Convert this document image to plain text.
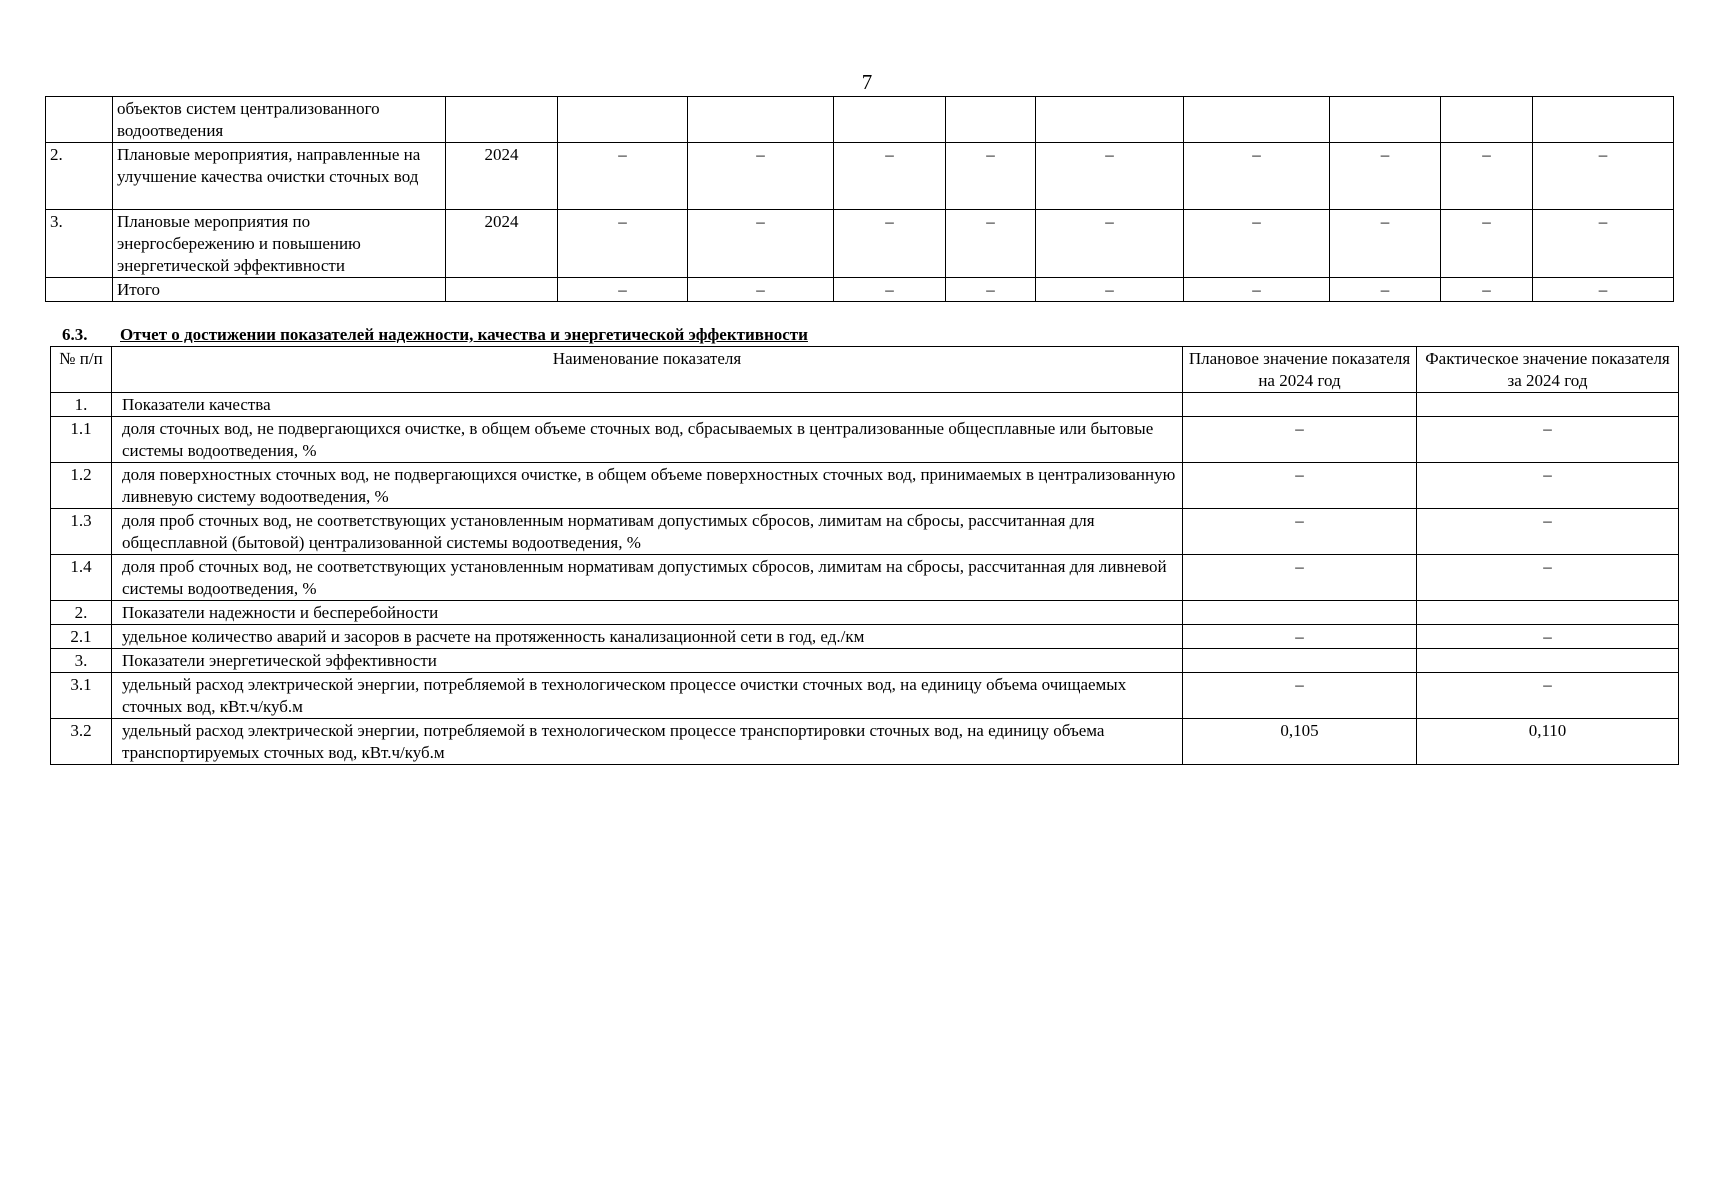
7
	объектов систем централизованного водоотведения											
2.	Плановые мероприятия, направленные на улучшение качества очистки сточных вод	2024	–	–	–	–	–	–	–	–	–	
3.	Плановые мероприятия по энергосбережению и повышению энергетической эффективности	2024	–	–	–	–	–	–	–	–	–	
	Итого		–	–	–	–	–	–	–	–	–	
6.3. Отчет о достижении показателей надежности, качества и энергетической эффективности
№ п/п	Наименование показателя	Плановое значение показателя на 2024 год	Фактическое значение показателя за 2024 год
1.	Показатели качества		
1.1	доля сточных вод, не подвергающихся очистке, в общем объеме сточных вод, сбрасываемых в централизованные общесплавные или бытовые системы водоотведения, %	–	–
1.2	доля поверхностных сточных вод, не подвергающихся очистке, в общем объеме поверхностных сточных вод, принимаемых в централизованную ливневую систему водоотведения, %	–	–
1.3	доля проб сточных вод, не соответствующих установленным нормативам допустимых сбросов, лимитам на сбросы, рассчитанная для общесплавной (бытовой) централизованной системы водоотведения, %	–	–
1.4	доля проб сточных вод, не соответствующих установленным нормативам допустимых сбросов, лимитам на сбросы, рассчитанная для ливневой системы водоотведения, %	–	–
2.	Показатели надежности и бесперебойности		
2.1	удельное количество аварий и засоров в расчете на протяженность канализационной сети в год, ед./км	–	–
3.	Показатели энергетической эффективности		
3.1	удельный расход электрической энергии, потребляемой в технологическом процессе очистки сточных вод, на единицу объема очищаемых сточных вод, кВт.ч/куб.м	–	–
3.2	удельный расход электрической энергии, потребляемой в технологическом процессе транспортировки сточных вод, на единицу объема транспортируемых сточных вод, кВт.ч/куб.м	0,105	0,110
